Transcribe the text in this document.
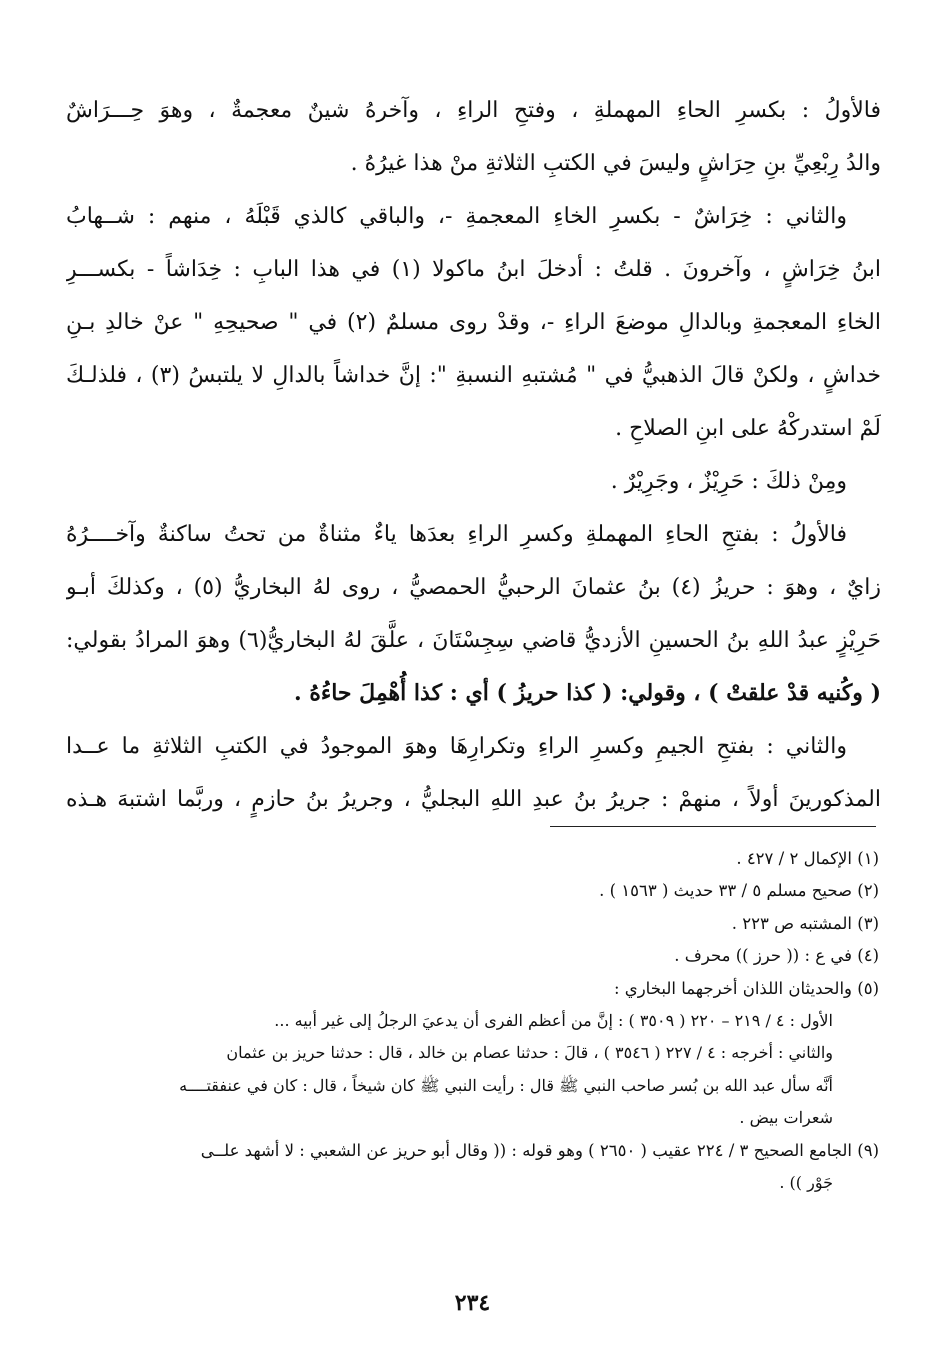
فالأولُ : بكسرِ الحاءِ المهملةِ ، وفتحِ الراءِ ، وآخرهُ شينٌ معجمةٌ ، وهوَ حِـــرَاشٌ
والدُ رِبْعِيِّ بنِ حِرَاشٍ وليسَ في الكتبِ الثلاثةِ منْ هذا غيرُهُ .
والثاني : خِرَاشٌ - بكسرِ الخاءِ المعجمةِ -، والباقي كالذي قَبْلَهُ ، منهم : شــهابُ
ابنُ خِرَاشٍ ، وآخرونَ . قلتُ : أدخلَ ابنُ ماكولا (١) في هذا البابِ : خِدَاشاً - بكســـرِ
الخاءِ المعجمةِ وبالدالِ موضعَ الراءِ -، وقدْ روى مسلمٌ (٢) في " صحيحِهِ " عنْ خالدِ بـنِ
خداشٍ ، ولكنْ قالَ الذهبيُّ في " مُشتبهِ النسبةِ ": إنَّ خداشاً بالدالِ لا يلتبسُ (٣) ، فلذلـكَ
لَمْ استدركْهُ على ابنِ الصلاحِ .
ومِنْ ذلكَ : حَرِيْزٌ ، وجَرِيْرٌ .
فالأولُ : بفتحِ الحاءِ المهملةِ وكسرِ الراءِ بعدَها ياءٌ مثناةٌ من تحتُ ساكنةٌ وآخــــرُهُ
زايٌ ، وهوَ : حريزُ (٤) بنُ عثمانَ الرحبيُّ الحمصيُّ ، روى لهُ البخاريُّ (٥) ، وكذلكَ أبـو
حَرِيْزٍ عبدُ اللهِ بنُ الحسينِ الأزديُّ قاضي سِجِسْتَانَ ، علَّقَ لهُ البخاريُّ(٦) وهوَ المرادُ بقولي:
( وكُنيه قدْ علقتْ ) ، وقولي: ( كذا حريزُ ) أي : كذا أُهْمِلَ حاءُهُ .
والثاني : بفتحِ الجيمِ وكسرِ الراءِ وتكرارِهَا وهوَ الموجودُ في الكتبِ الثلاثةِ ما عــدا
المذكورينَ أولاً ، منهمْ : جريرُ بنُ عبدِ اللهِ البجليُّ ، وجريرُ بنُ حازمٍ ، وربَّما اشتبهَ هـذه
(١) الإكمال ٢ / ٤٢٧ .
(٢) صحيح مسلم ٥ / ٣٣ حديث ( ١٥٦٣ ) .
(٣) المشتبه ص ٢٢٣ .
(٤) في ع : (( حرز )) محرف .
(٥) والحديثان اللذان أخرجهما البخاري :
الأول : ٤ / ٢١٩ – ٢٢٠ ( ٣٥٠٩ ) : إنَّ من أعظم الفرى أن يدعيَ الرجلُ إلى غير أبيه ...
والثاني : أخرجه : ٤ / ٢٢٧ ( ٣٥٤٦ ) ، قالَ : حدثنا عصام بن خالد ، قال : حدثنا حريز بن عثمان
أنَّه سأل عبد الله بن بُسر صاحب النبي ﷺ قال : رأيت النبي ﷺ كان شيخاً ، قال : كان في عنفقتــــه
شعرات بيض .
(٩) الجامع الصحيح ٣ / ٢٢٤ عقيب ( ٢٦٥٠ ) وهو قوله : (( وقال أبو حريز عن الشعبي : لا أشهد علــى
جَوْر )) .
٢٣٤
